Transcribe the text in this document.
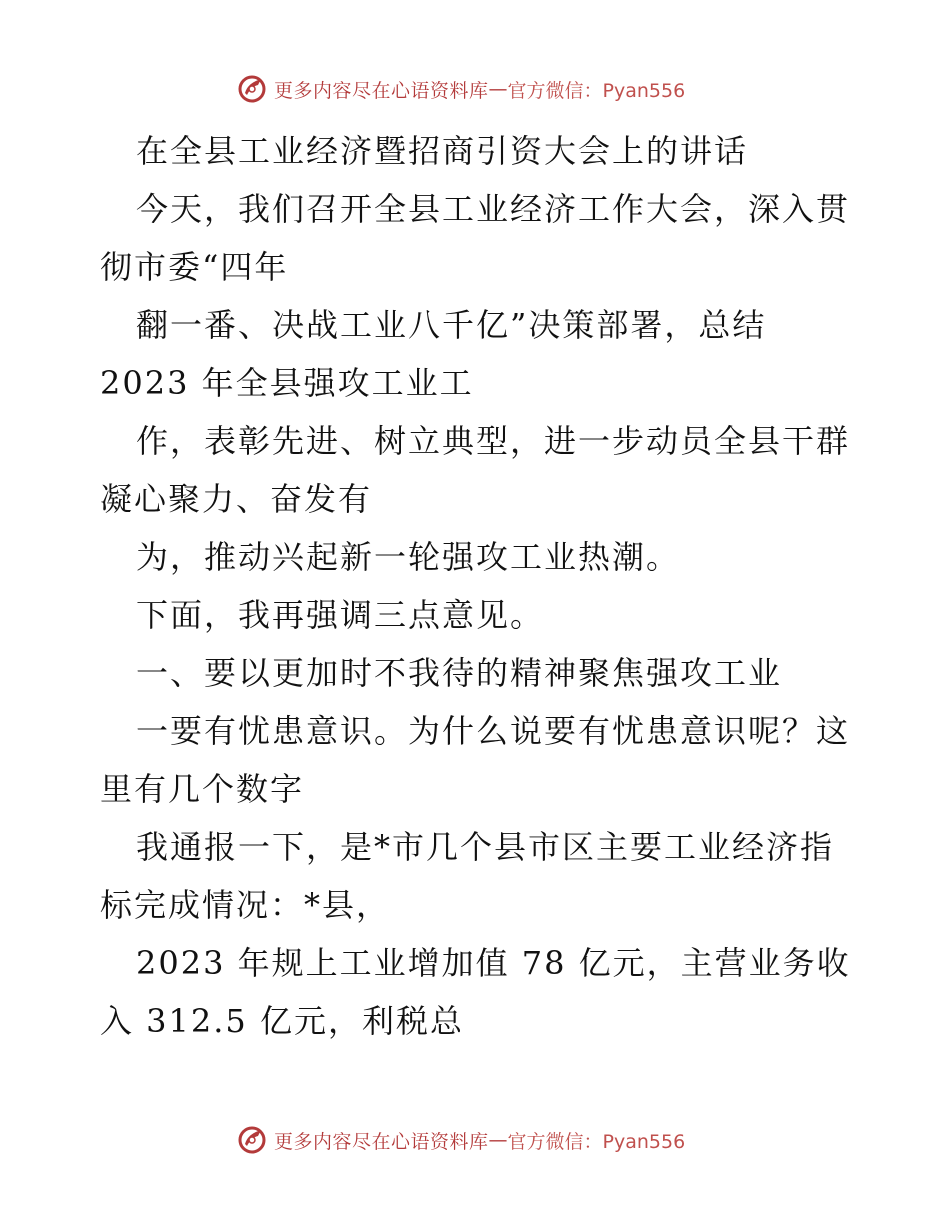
更多内容尽在心语资料库 — 官方微信：Pyan556
在全县工业经济暨招商引资大会上的讲话
今天，我们召开全县工业经济工作大会，深入贯
彻市委“四年
翻一番、决战工业八千亿”决策部署，总结
2023 年全县强攻工业工
作，表彰先进、树立典型，进一步动员全县干群
凝心聚力、奋发有
为，推动兴起新一轮强攻工业热潮。
下面，我再强调三点意见。
一、要以更加时不我待的精神聚焦强攻工业
一要有忧患意识。为什么说要有忧患意识呢？这
里有几个数字
我通报一下，是*市几个县市区主要工业经济指
标完成情况：*县，
2023 年规上工业增加值 78 亿元，主营业务收
入 312.5 亿元，利税总
更多内容尽在心语资料库 — 官方微信：Pyan556
